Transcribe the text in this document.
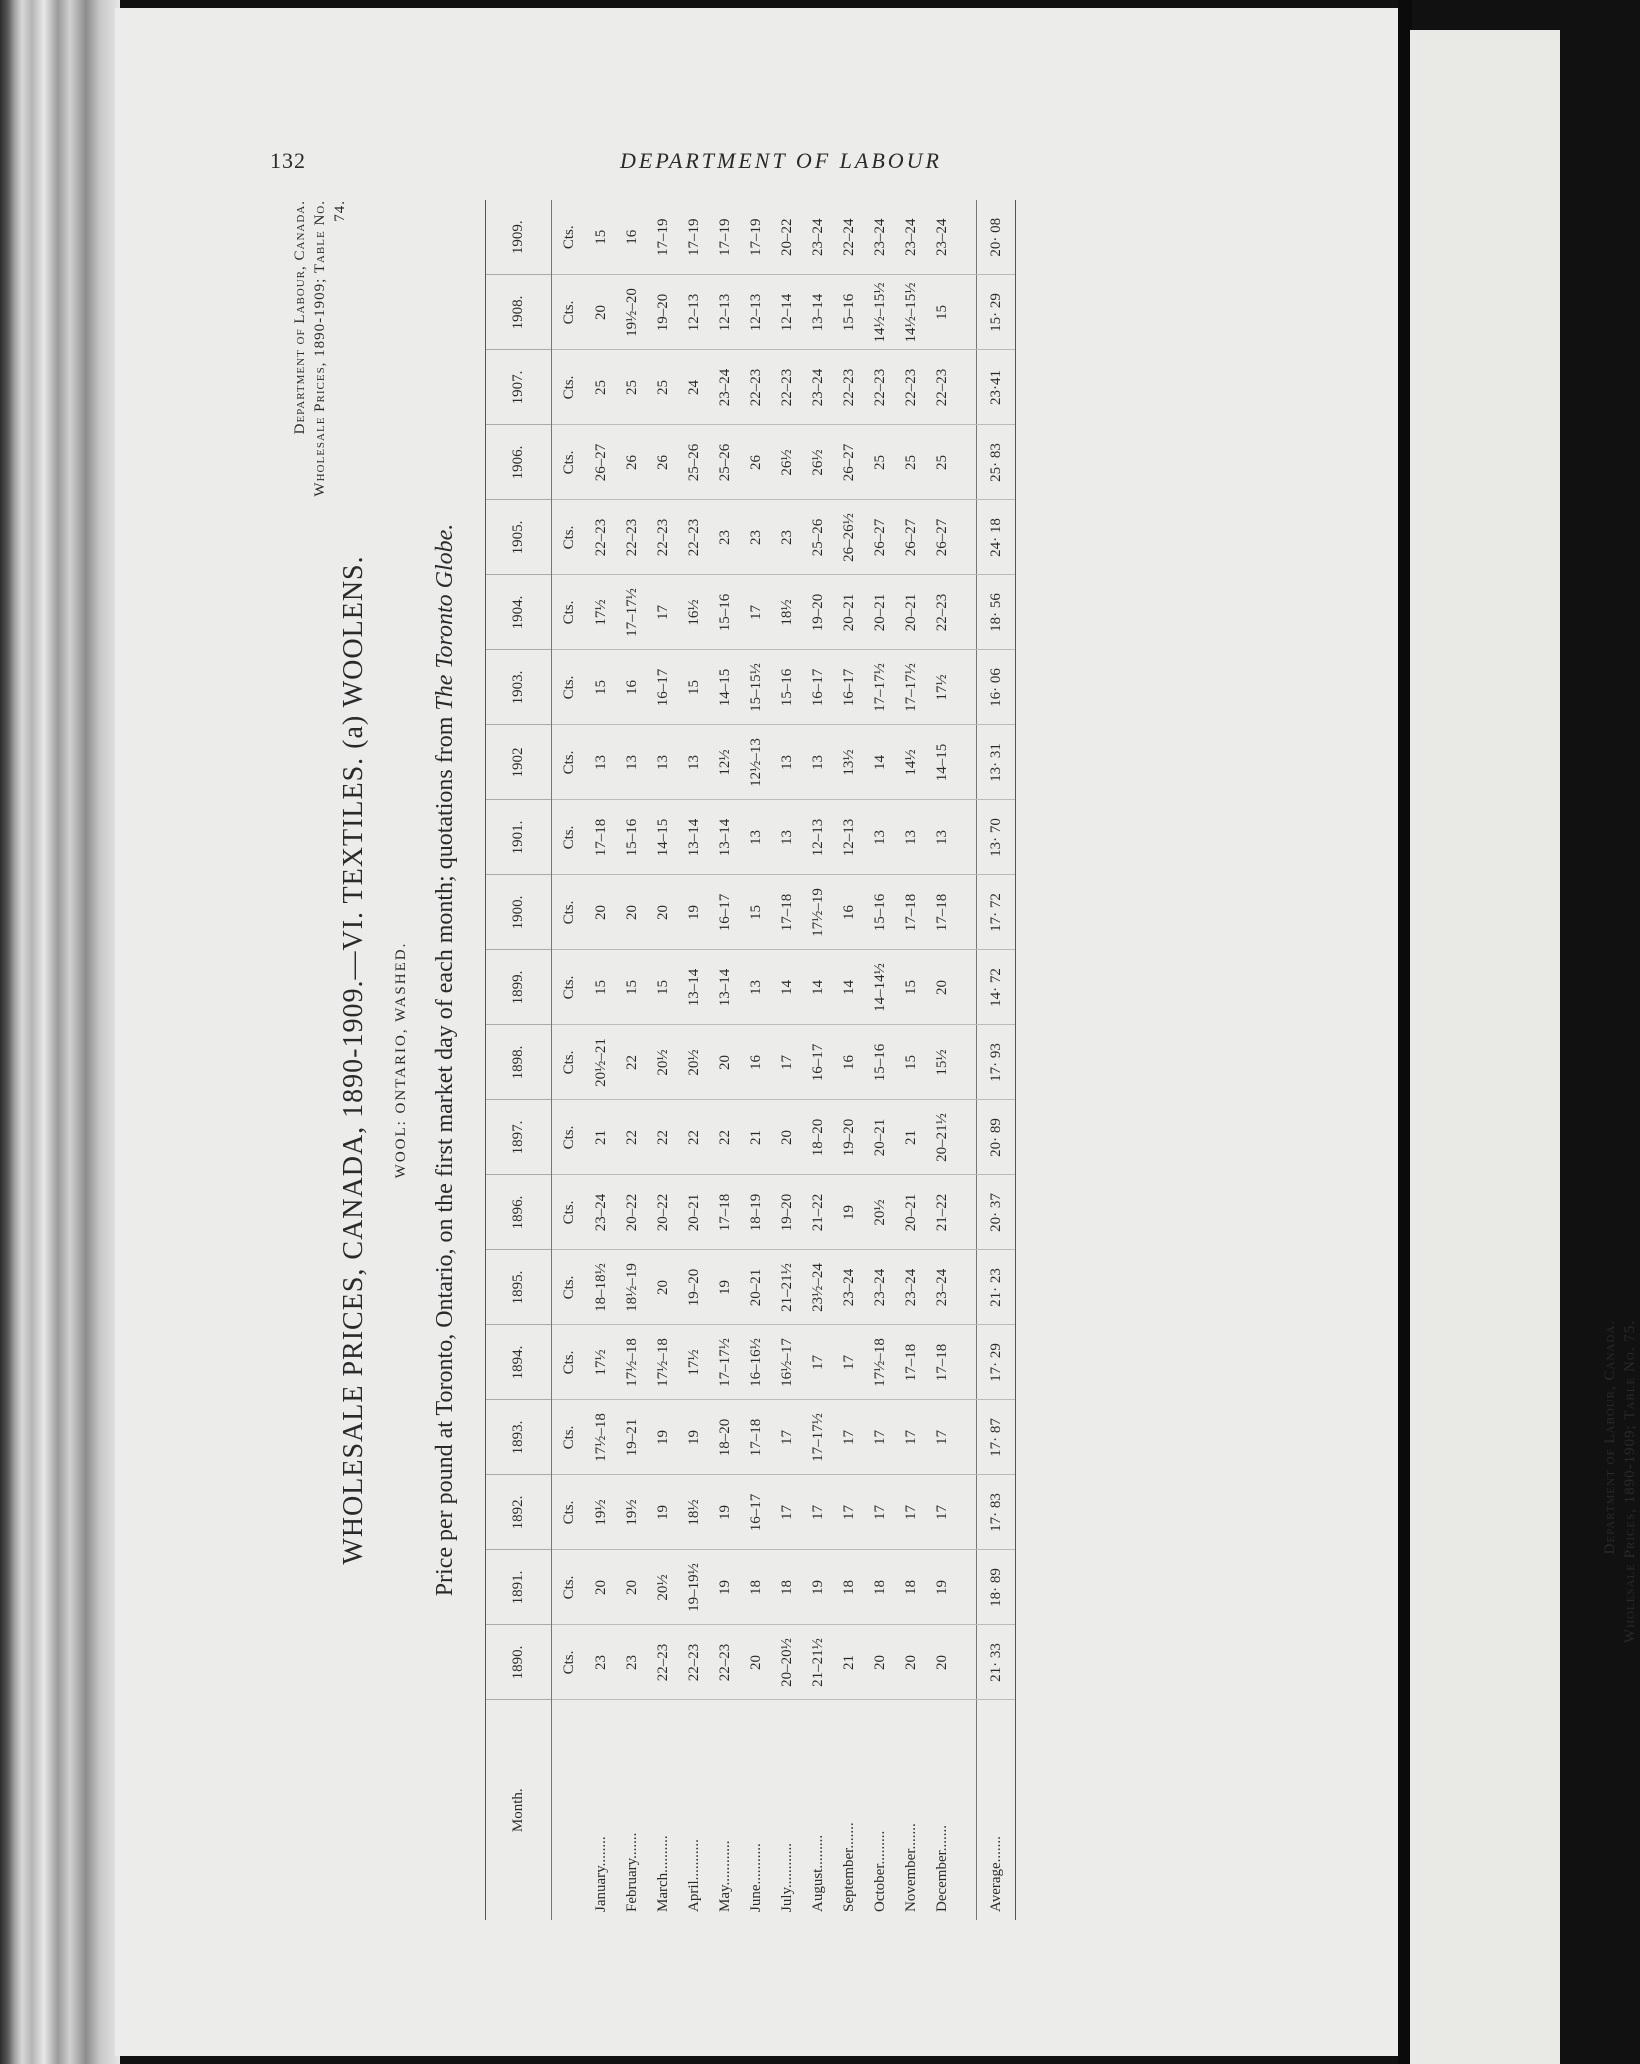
132	DEPARTMENT OF LABOUR
Department of Labour, Canada. Wholesale Prices, 1890-1909; Table No. 75.
Department of Labour, Canada. Wholesale Prices, 1890-1909; Table No. 74.
WHOLESALE PRICES, CANADA, 1890-1909.—VI. TEXTILES. (a) WOOLENS. WOOL: ONTARIO, WASHED. Price per pound at Toronto, Ontario, on the first market day of each month; quotations from The Toronto Globe.
Month.	1890.	1891.	1892.	1893.	1894.	1895.	1896.	1897.	1898.	1899.	1900.	1901.	1902	1903.	1904.	1905.	1906.	1907.	1908.	1909.
	Cts.	Cts.	Cts.	Cts.	Cts.	Cts.	Cts.	Cts.	Cts.	Cts.	Cts.	Cts.	Cts.	Cts.	Cts.	Cts.	Cts.	Cts.	Cts.	Cts.
January........	23	20	19½	17½–18	17½	18–18½	23–24	21	20½–21	15	20	17–18	13	15	17½	22–23	26–27	25	20	15
February.......	23	20	19½	19–21	17½–18	18½–19	20–22	22	22	15	20	15–16	13	16	17–17½	22–23	26	25	19½–20	16
March..........	22–23	20½	19	19	17½–18	20	20–22	22	20½	15	20	14–15	13	16–17	17	22–23	26	25	19–20	17–19
April...........	22–23	19–19½	18½	19	17½	19–20	20–21	22	20½	13–14	19	13–14	13	15	16½	22–23	25–26	24	12–13	17–19
May............	22–23	19	19	18–20	17–17½	19	17–18	22	20	13–14	16–17	13–14	12½	14–15	15–16	23	25–26	23–24	12–13	17–19
June...........	20	18	16–17	17–18	16–16½	20–21	18–19	21	16	13	15	13	12½–13	15–15½	17	23	26	22–23	12–13	17–19
July............	20–20½	18	17	17	16½–17	21–21½	19–20	20	17	14	17–18	13	13	15–16	18½	23	26½	22–23	12–14	20–22
August.........	21–21½	19	17	17–17½	17	23½–24	21–22	18–20	16–17	14	17½–19	12–13	13	16–17	19–20	25–26	26½	23–24	13–14	23–24
September.......	21	18	17	17	17	23–24	19	19–20	16	14	16	12–13	13½	16–17	20–21	26–26½	26–27	22–23	15–16	22–24
October.........	20	18	17	17	17½–18	23–24	20½	20–21	15–16	14–14½	15–16	13	14	17–17½	20–21	26–27	25	22–23	14½–15½	23–24
November.......	20	18	17	17	17–18	23–24	20–21	21	15	15	17–18	13	14½	17–17½	20–21	26–27	25	22–23	14½–15½	23–24
December.......	20	19	17	17	17–18	23–24	21–22	20–21½	15½	20	17–18	13	14–15	17½	22–23	26–27	25	22–23	15	23–24

Average.......	21· 33	18· 89	17· 83	17· 87	17· 29	21· 23	20· 37	20· 89	17· 93	14· 72	17· 72	13· 70	13· 31	16· 06	18· 56	24· 18	25· 83	23·41	15· 29	20· 08
